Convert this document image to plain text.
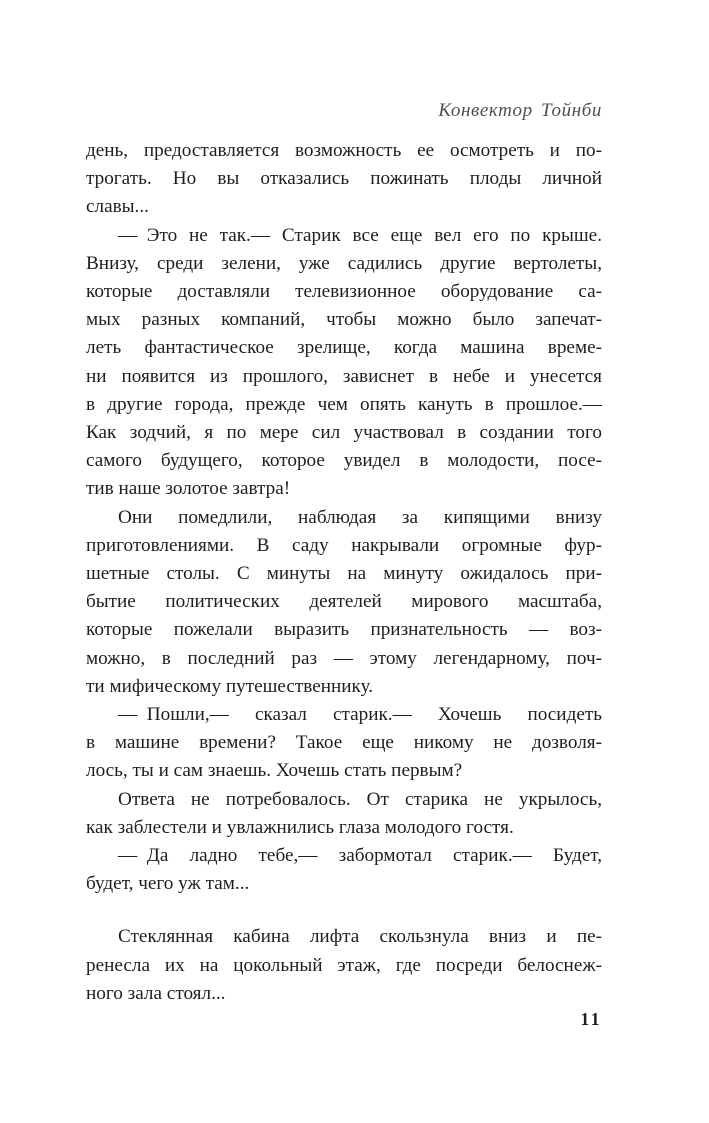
Конвектор Тойнби
день, предоставляется возможность ее осмотреть и по-
трогать. Но вы отказались пожинать плоды личной
славы...
— Это не так.— Старик все еще вел его по крыше.
Внизу, среди зелени, уже садились другие вертолеты,
которые доставляли телевизионное оборудование са-
мых разных компаний, чтобы можно было запечат-
леть фантастическое зрелище, когда машина време-
ни появится из прошлого, зависнет в небе и унесется
в другие города, прежде чем опять кануть в прошлое.—
Как зодчий, я по мере сил участвовал в создании того
самого будущего, которое увидел в молодости, посе-
тив наше золотое завтра!
Они помедлили, наблюдая за кипящими внизу
приготовлениями. В саду накрывали огромные фур-
шетные столы. С минуты на минуту ожидалось при-
бытие политических деятелей мирового масштаба,
которые пожелали выразить признательность — воз-
можно, в последний раз — этому легендарному, поч-
ти мифическому путешественнику.
— Пошли,— сказал старик.— Хочешь посидеть
в машине времени? Такое еще никому не дозволя-
лось, ты и сам знаешь. Хочешь стать первым?
Ответа не потребовалось. От старика не укрылось,
как заблестели и увлажнились глаза молодого гостя.
— Да ладно тебе,— забормотал старик.— Будет,
будет, чего уж там...
Стеклянная кабина лифта скользнула вниз и пе-
ренесла их на цокольный этаж, где посреди белоснеж-
ного зала стоял...
11
